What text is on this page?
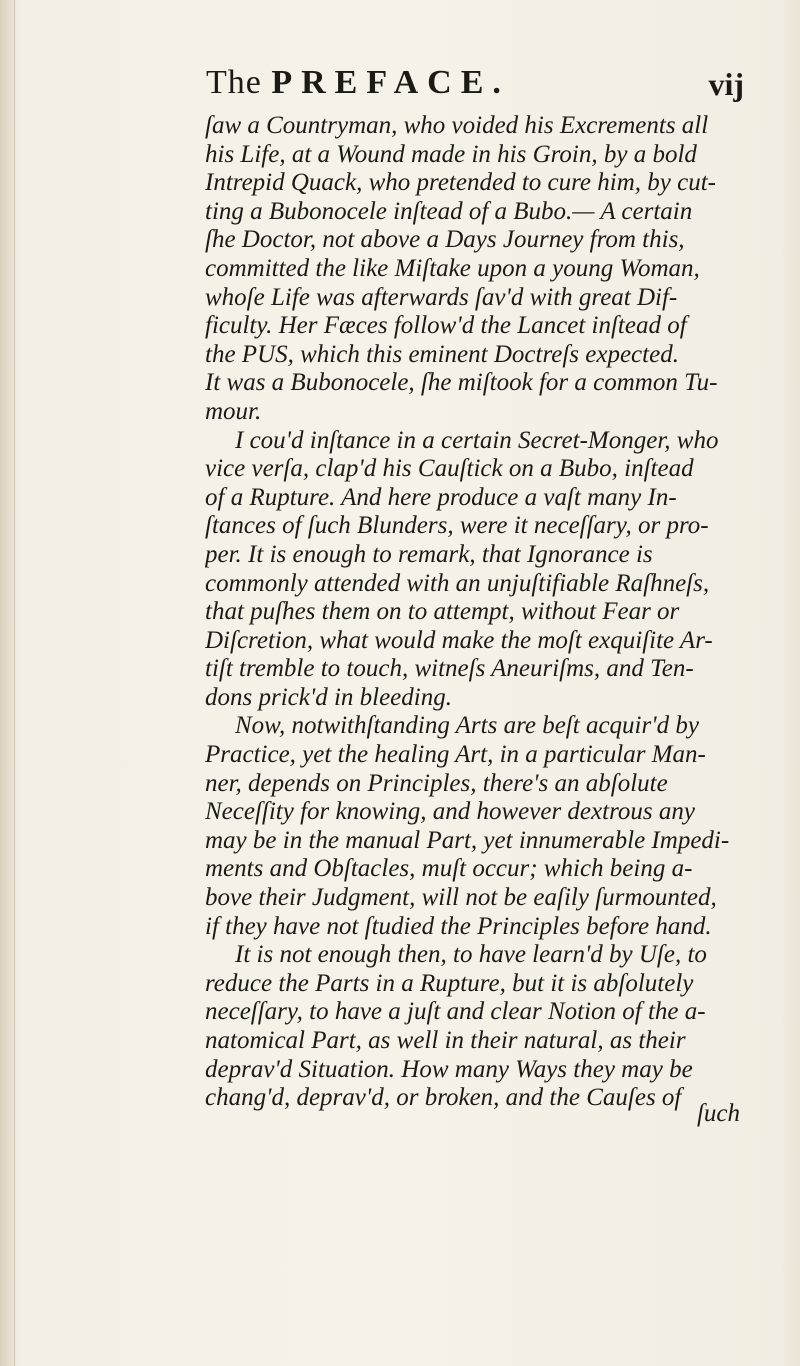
The PREFACE.	vij
ſaw a Countryman, who voided his Excrements all
his Life, at a Wound made in his Groin, by a bold
Intrepid Quack, who pretended to cure him, by cut-
ting a Bubonocele inſtead of a Bubo.— A certain
ſhe Doctor, not above a Days Journey from this,
committed the like Miſtake upon a young Woman,
whoſe Life was afterwards ſav'd with great Dif-
ficulty. Her Fæces follow'd the Lancet inſtead of
the PUS, which this eminent Doctreſs expected.
It was a Bubonocele, ſhe miſtook for a common Tu-
mour.
I cou'd inſtance in a certain Secret-Monger, who
vice verſa, clap'd his Cauſtick on a Bubo, inſtead
of a Rupture. And here produce a vaſt many In-
ſtances of ſuch Blunders, were it neceſſary, or pro-
per. It is enough to remark, that Ignorance is
commonly attended with an unjuſtifiable Raſhneſs,
that puſhes them on to attempt, without Fear or
Diſcretion, what would make the moſt exquiſite Ar-
tiſt tremble to touch, witneſs Aneuriſms, and Ten-
dons prick'd in bleeding.
Now, notwithſtanding Arts are beſt acquir'd by
Practice, yet the healing Art, in a particular Man-
ner, depends on Principles, there's an abſolute
Neceſſity for knowing, and however dextrous any
may be in the manual Part, yet innumerable Impedi-
ments and Obſtacles, muſt occur; which being a-
bove their Judgment, will not be eaſily ſurmounted,
if they have not ſtudied the Principles before hand.
It is not enough then, to have learn'd by Uſe, to
reduce the Parts in a Rupture, but it is abſolutely
neceſſary, to have a juſt and clear Notion of the a-
natomical Part, as well in their natural, as their
deprav'd Situation. How many Ways they may be
chang'd, deprav'd, or broken, and the Cauſes of
ſuch
